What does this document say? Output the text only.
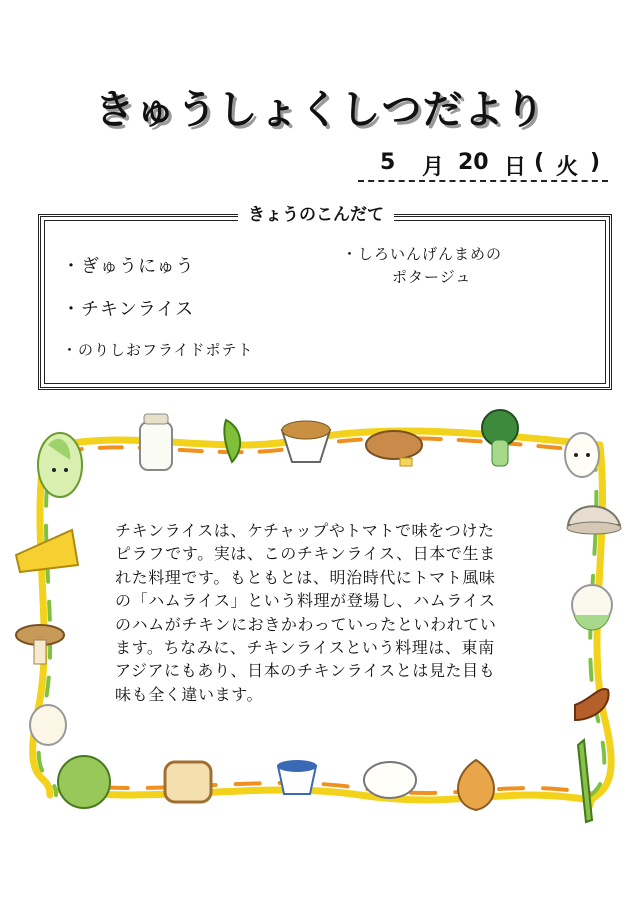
きゅうしょくしつだより
5 月 20 日 ( 火 )
きょうのこんだて
・ぎゅうにゅう
・チキンライス
・のりしおフライドポテト
・しろいんげんまめの
ポタージュ

チキンライスは、ケチャップやトマトで味をつけた

ピラフです。実は、このチキンライス、日本で生ま

れた料理です。もともとは、明治時代にトマト風味

の「ハムライス」という料理が登場し、ハムライス

のハムがチキンにおきかわっていったといわれてい

ます。ちなみに、チキンライスという料理は、東南

アジアにもあり、日本のチキンライスとは見た目も

味も全く違います。
